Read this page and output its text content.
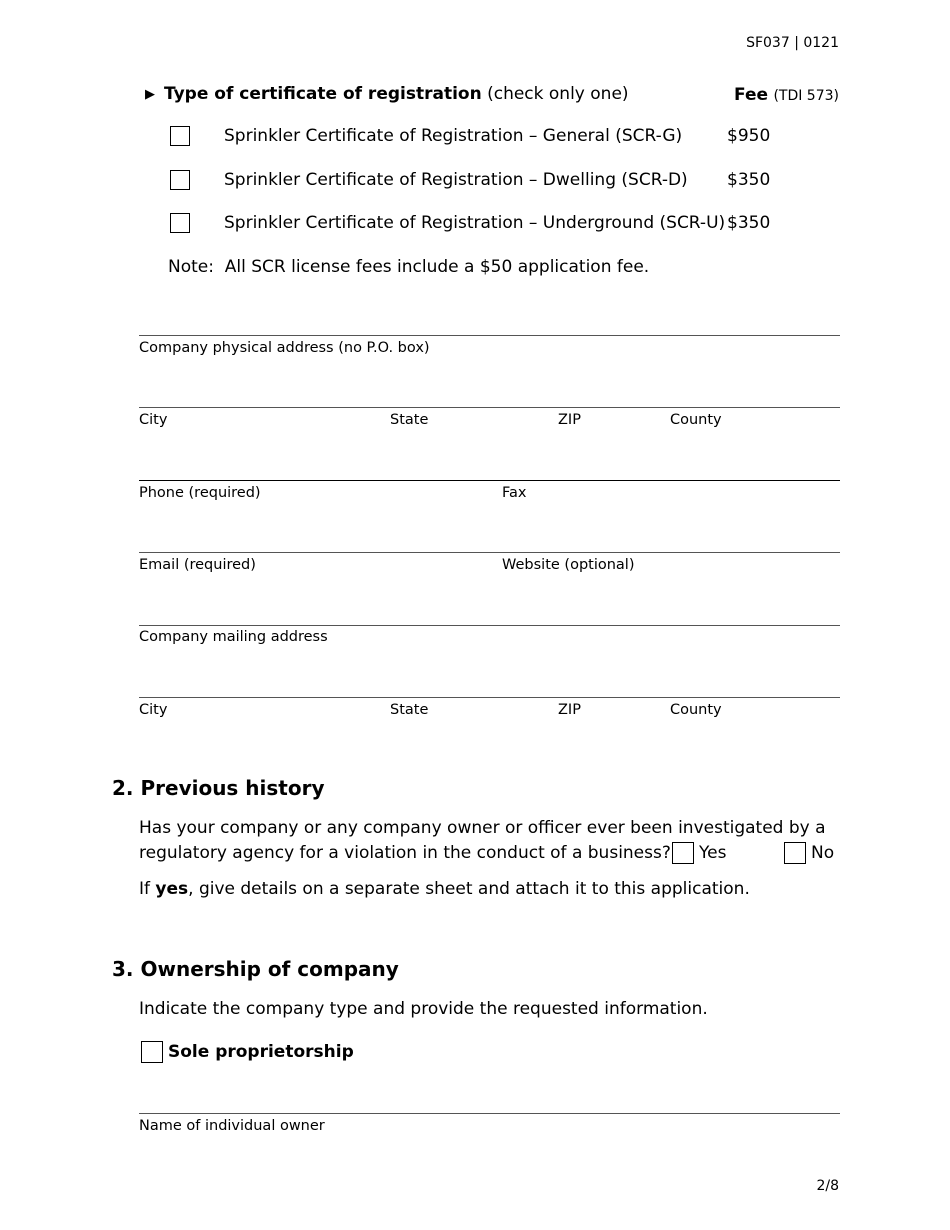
SF037 | 0121
▶ Type of certificate of registration (check only one)	Fee (TDI 573)
Sprinkler Certificate of Registration – General (SCR-G)	$950
Sprinkler Certificate of Registration – Dwelling (SCR-D) $350
Sprinkler Certificate of Registration – Underground (SCR-U) $350
Note:  All SCR license fees include a $50 application fee.
Company physical address (no P.O. box)
City	State	ZIP	County
Phone (required)	Fax
Email (required)	Website (optional)
Company mailing address
City	State	ZIP	County
2. Previous history
Has your company or any company owner or officer ever been investigated by a
regulatory agency for a violation in the conduct of a business? Yes	No
If yes, give details on a separate sheet and attach it to this application.
3. Ownership of company
Indicate the company type and provide the requested information.
Sole proprietorship
Name of individual owner
2/8
